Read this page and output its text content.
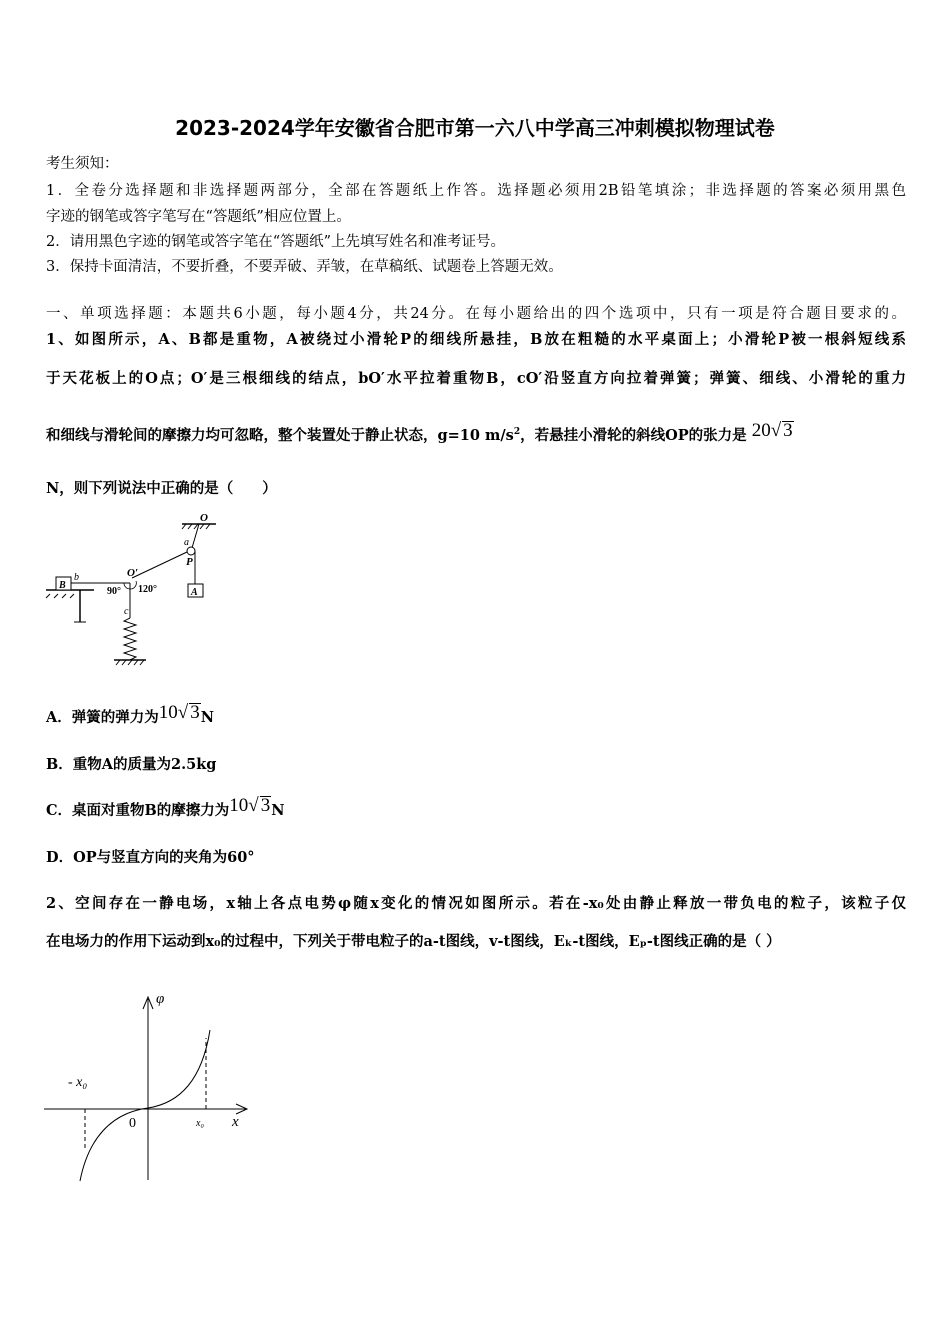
2023-2024学年安徽省合肥市第一六八中学高三冲刺模拟物理试卷
考生须知：
1．全卷分选择题和非选择题两部分，全部在答题纸上作答。选择题必须用2B铅笔填涂；非选择题的答案必须用黑色
字迹的钢笔或答字笔写在“答题纸”相应位置上。
2．请用黑色字迹的钢笔或答字笔在“答题纸”上先填写姓名和准考证号。
3．保持卡面清洁，不要折叠，不要弄破、弄皱，在草稿纸、试题卷上答题无效。
一、单项选择题：本题共6小题，每小题4分，共24分。在每小题给出的四个选项中，只有一项是符合题目要求的。
1、如图所示，A、B都是重物，A被绕过小滑轮P的细线所悬挂，B放在粗糙的水平桌面上；小滑轮P被一根斜短线系
于天花板上的O点；O′是三根细线的结点，bO′水平拉着重物B，cO′沿竖直方向拉着弹簧；弹簧、细线、小滑轮的重力
和细线与滑轮间的摩擦力均可忽略，整个装置处于静止状态，g=10 $m/s^2$，若悬挂小滑轮的斜线OP的张力是 20√ 3
N，则下列说法中正确的是（　　）
O
a
P
A
O′
B
b
90° 120°
c
A．弹簧的弹力为10√ 3N
B．重物A的质量为2.5kg
C．桌面对重物B的摩擦力为10√ 3N
D．OP与竖直方向的夹角为60°
2、空间存在一静电场，x轴上各点电势φ随x变化的情况如图所示。若在-x₀处由静止释放一带负电的粒子，该粒子仅
在电场力的作用下运动到x₀的过程中，下列关于带电粒子的a-t图线，v-t图线，Eₖ-t图线，Eₚ-t图线正确的是（ ）
φ
x
0
- x₀
x₀
